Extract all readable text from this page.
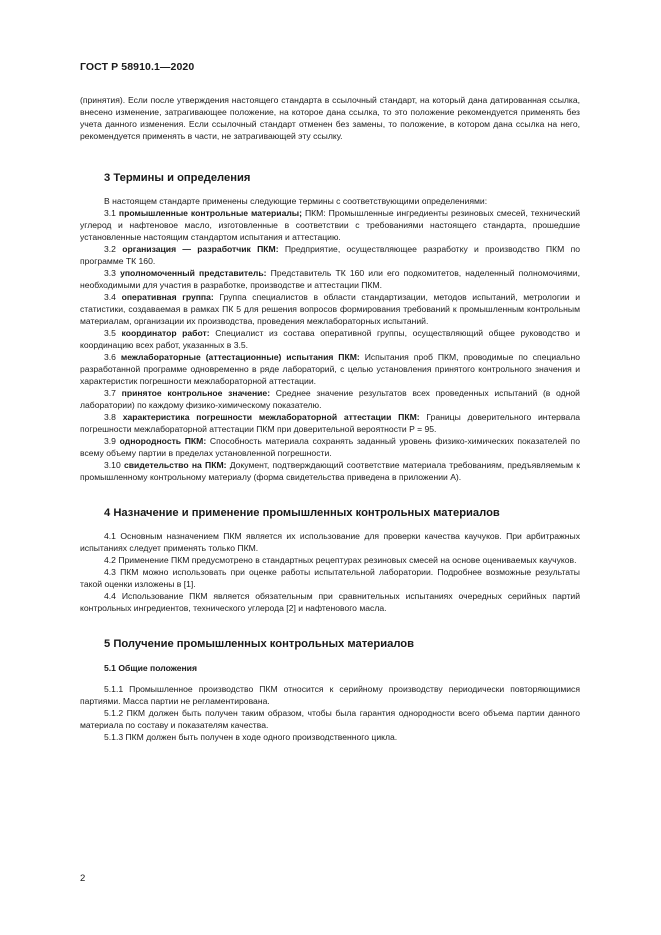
ГОСТ Р 58910.1—2020

(принятия). Если после утверждения настоящего стандарта в ссылочный стандарт, на который дана датированная ссылка, внесено изменение, затрагивающее положение, на которое дана ссылка, то это положение рекомендуется применять без учета данного изменения. Если ссылочный стандарт отменен без замены, то положение, в котором дана ссылка на него, рекомендуется применять в части, не затрагивающей эту ссылку.

3 Термины и определения

В настоящем стандарте применены следующие термины с соответствующими определениями:

3.1 промышленные контрольные материалы; ПКМ: Промышленные ингредиенты резиновых смесей, технический углерод и нафтеновое масло, изготовленные в соответствии с требованиями настоящего стандарта, прошедшие установленные настоящим стандартом испытания и аттестацию.

3.2 организация — разработчик ПКМ: Предприятие, осуществляющее разработку и производство ПКМ по программе ТК 160.

3.3 уполномоченный представитель: Представитель ТК 160 или его подкомитетов, наделенный полномочиями, необходимыми для участия в разработке, производстве и аттестации ПКМ.

3.4 оперативная группа: Группа специалистов в области стандартизации, методов испытаний, метрологии и статистики, создаваемая в рамках ПК 5 для решения вопросов формирования требований к промышленным контрольным материалам, организации их производства, проведения межлабораторных испытаний.

3.5 координатор работ: Специалист из состава оперативной группы, осуществляющий общее руководство и координацию всех работ, указанных в 3.5.

3.6 межлабораторные (аттестационные) испытания ПКМ: Испытания проб ПКМ, проводимые по специально разработанной программе одновременно в ряде лабораторий, с целью установления принятого контрольного значения и характеристик погрешности межлабораторной аттестации.

3.7 принятое контрольное значение: Среднее значение результатов всех проведенных испытаний (в одной лаборатории) по каждому физико-химическому показателю.

3.8 характеристика погрешности межлабораторной аттестации ПКМ: Границы доверительного интервала погрешности межлабораторной аттестации ПКМ при доверительной вероятности P = 95.

3.9 однородность ПКМ: Способность материала сохранять заданный уровень физико-химических показателей по всему объему партии в пределах установленной погрешности.

3.10 свидетельство на ПКМ: Документ, подтверждающий соответствие материала требованиям, предъявляемым к промышленному контрольному материалу (форма свидетельства приведена в приложении А).

4 Назначение и применение промышленных контрольных материалов

4.1 Основным назначением ПКМ является их использование для проверки качества каучуков. При арбитражных испытаниях следует применять только ПКМ.

4.2 Применение ПКМ предусмотрено в стандартных рецептурах резиновых смесей на основе оцениваемых каучуков.

4.3 ПКМ можно использовать при оценке работы испытательной лаборатории. Подробнее возможные результаты такой оценки изложены в [1].

4.4 Использование ПКМ является обязательным при сравнительных испытаниях очередных серийных партий контрольных ингредиентов, технического углерода [2] и нафтенового масла.

5 Получение промышленных контрольных материалов
5.1 Общие положения

5.1.1 Промышленное производство ПКМ относится к серийному производству периодически повторяющимися партиями. Масса партии не регламентирована.

5.1.2 ПКМ должен быть получен таким образом, чтобы была гарантия однородности всего объема партии данного материала по составу и показателям качества.

5.1.3 ПКМ должен быть получен в ходе одного производственного цикла.

2
